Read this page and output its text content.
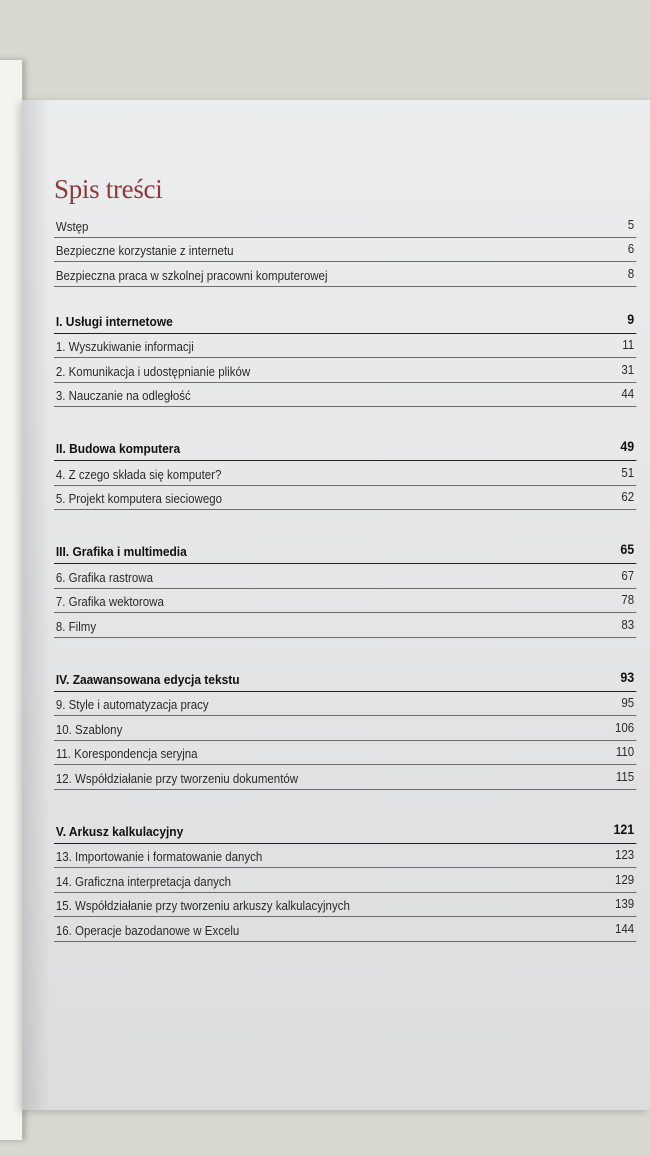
Spis treści
Wstęp	5
Bezpieczne korzystanie z internetu	6
Bezpieczna praca w szkolnej pracowni komputerowej	8
I. Usługi internetowe	9
1. Wyszukiwanie informacji	11
2. Komunikacja i udostępnianie plików	31
3. Nauczanie na odległość	44
II. Budowa komputera	49
4. Z czego składa się komputer?	51
5. Projekt komputera sieciowego	62
III. Grafika i multimedia	65
6. Grafika rastrowa	67
7. Grafika wektorowa	78
8. Filmy	83
IV. Zaawansowana edycja tekstu	93
9. Style i automatyzacja pracy	95
10. Szablony	106
11. Korespondencja seryjna	110
12. Współdziałanie przy tworzeniu dokumentów	115
V. Arkusz kalkulacyjny	121
13. Importowanie i formatowanie danych	123
14. Graficzna interpretacja danych	129
15. Współdziałanie przy tworzeniu arkuszy kalkulacyjnych	139
16. Operacje bazodanowe w Excelu	144
